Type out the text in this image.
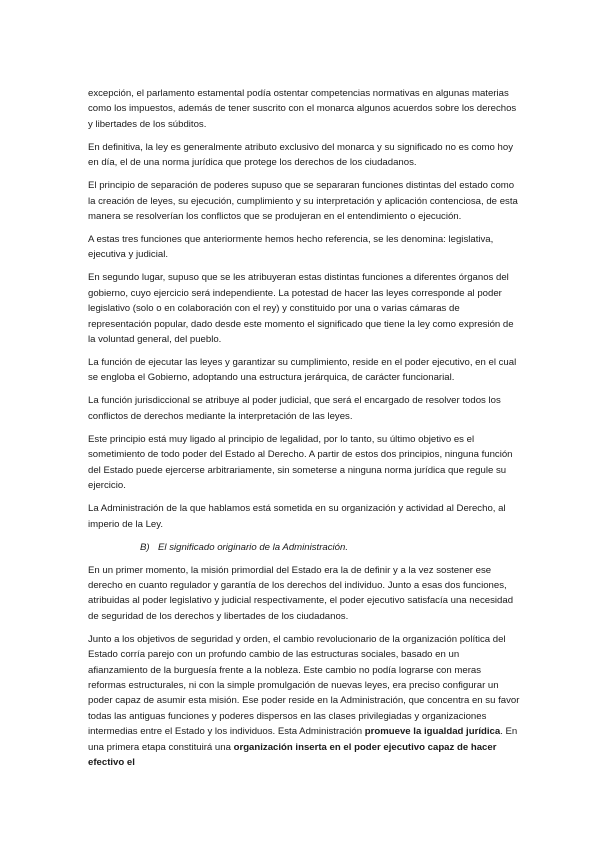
excepción, el parlamento estamental podía ostentar competencias normativas en algunas materias como los impuestos, además de tener suscrito con el monarca algunos acuerdos sobre los derechos y libertades de los súbditos.

En definitiva, la ley es generalmente atributo exclusivo del monarca y su significado no es como hoy en día, el de una norma jurídica que protege los derechos de los ciudadanos.

El principio de separación de poderes supuso que se separaran funciones distintas del estado como la creación de leyes, su ejecución, cumplimiento y su interpretación y aplicación contenciosa, de esta manera se resolverían los conflictos que se produjeran en el entendimiento o ejecución.

A estas tres funciones que anteriormente hemos hecho referencia, se les denomina: legislativa, ejecutiva y judicial.

En segundo lugar, supuso que se les atribuyeran estas distintas funciones a diferentes órganos del gobierno, cuyo ejercicio será independiente. La potestad de hacer las leyes corresponde al poder legislativo (solo o en colaboración con el rey) y constituido por una o varias cámaras de representación popular, dado desde este momento el significado que tiene la ley como expresión de la voluntad general, del pueblo.

La función de ejecutar las leyes y garantizar su cumplimiento, reside en el poder ejecutivo, en el cual se engloba el Gobierno, adoptando una estructura jerárquica, de carácter funcionarial.

La función jurisdiccional se atribuye al poder judicial, que será el encargado de resolver todos los conflictos de derechos mediante la interpretación de las leyes.

Este principio está muy ligado al principio de legalidad, por lo tanto, su último objetivo es el sometimiento de todo poder del Estado al Derecho. A partir de estos dos principios, ninguna función del Estado puede ejercerse arbitrariamente, sin someterse a ninguna norma jurídica que regule su ejercicio.

La Administración de la que hablamos está sometida en su organización y actividad al Derecho, al imperio de la Ley.

B) El significado originario de la Administración.

En un primer momento, la misión primordial del Estado era la de definir y a la vez sostener ese derecho en cuanto regulador y garantía de los derechos del individuo. Junto a esas dos funciones, atribuidas al poder legislativo y judicial respectivamente, el poder ejecutivo satisfacía una necesidad de seguridad de los derechos y libertades de los ciudadanos.

Junto a los objetivos de seguridad y orden, el cambio revolucionario de la organización política del Estado corría parejo con un profundo cambio de las estructuras sociales, basado en un afianzamiento de la burguesía frente a la nobleza. Este cambio no podía lograrse con meras reformas estructurales, ni con la simple promulgación de nuevas leyes, era preciso configurar un poder capaz de asumir esta misión. Ese poder reside en la Administración, que concentra en su favor todas las antiguas funciones y poderes dispersos en las clases privilegiadas y organizaciones intermedias entre el Estado y los individuos. Esta Administración promueve la igualdad jurídica. En una primera etapa constituirá una organización inserta en el poder ejecutivo capaz de hacer efectivo el
